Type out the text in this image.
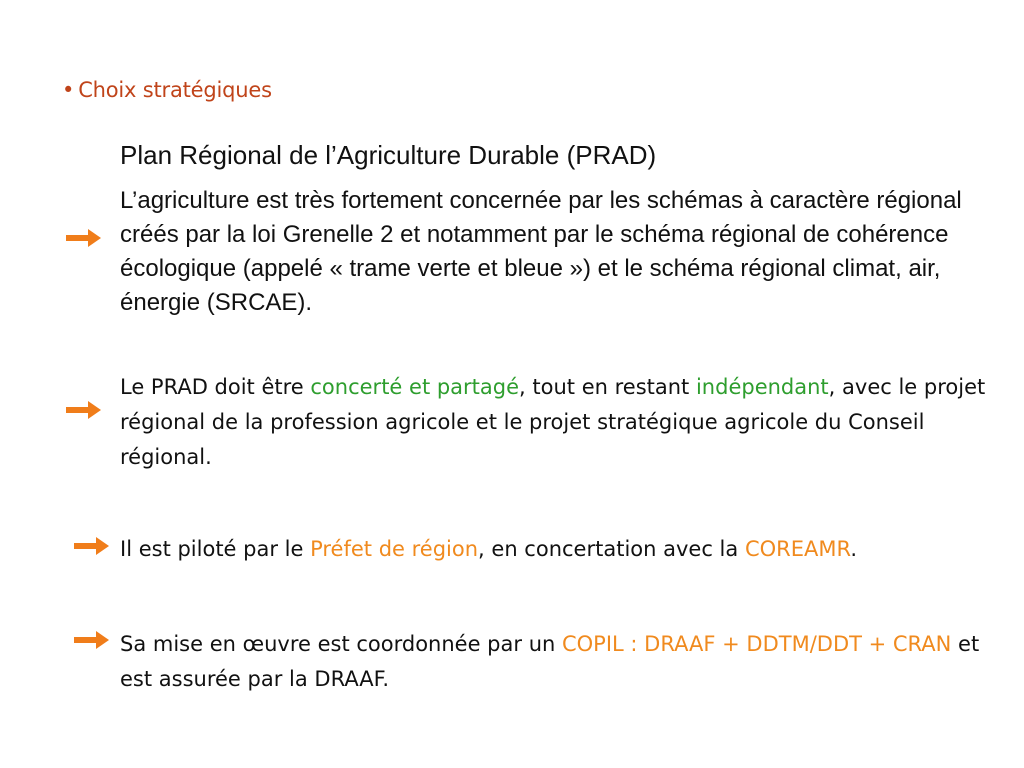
• Choix stratégiques
Plan Régional de l’Agriculture Durable (PRAD)
L’agriculture est très fortement concernée par les schémas à caractère régional créés par la loi Grenelle 2 et notamment par le schéma régional de cohérence écologique (appelé « trame verte et bleue ») et le schéma régional climat, air, énergie (SRCAE).
Le PRAD doit être concerté et partagé, tout en restant indépendant, avec le projet régional de la profession agricole et le projet stratégique agricole du Conseil régional.
Il est piloté par le Préfet de région, en concertation avec la COREAMR.
Sa mise en œuvre est coordonnée par un COPIL : DRAAF + DDTM/DDT + CRAN et est assurée par la DRAAF.
